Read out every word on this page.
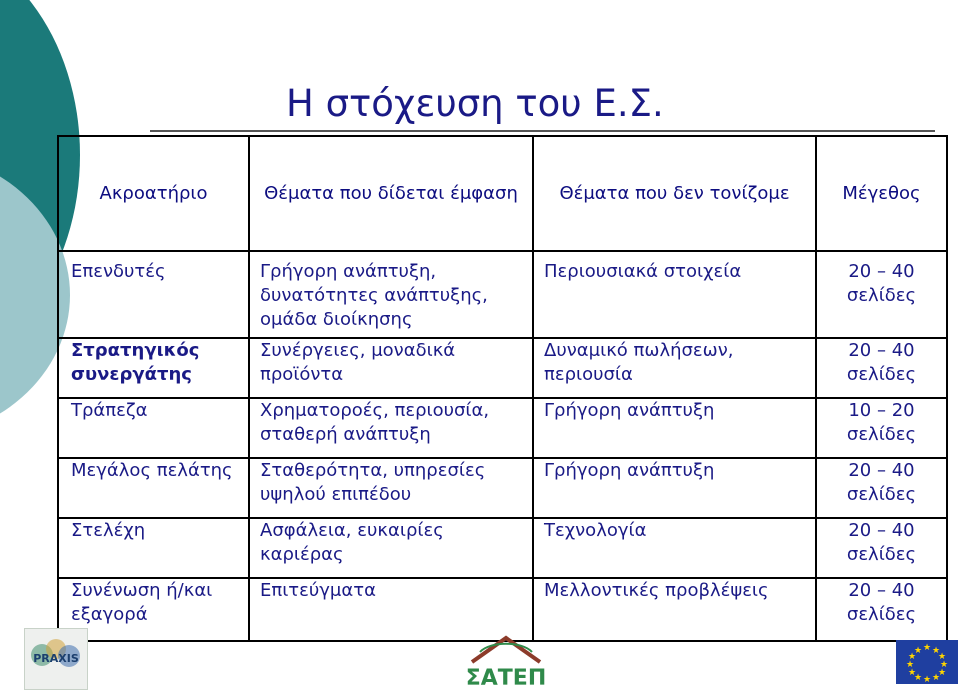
Η στόχευση του Ε.Σ.
Ακροατήριο	Θέματα που δίδεται έμφαση	Θέματα που δεν τονίζομε	Μέγεθος
Επενδυτές	Γρήγορη ανάπτυξη, δυνατότητες ανάπτυξης, ομάδα διοίκησης	Περιουσιακά στοιχεία	20 – 40 σελίδες
Στρατηγικός συνεργάτης	Συνέργειες, μοναδικά προϊόντα	Δυναμικό πωλήσεων, περιουσία	20 – 40 σελίδες
Τράπεζα	Χρηματοροές, περιουσία, σταθερή ανάπτυξη	Γρήγορη ανάπτυξη	10 – 20 σελίδες
Μεγάλος πελάτης	Σταθερότητα, υπηρεσίες υψηλού επιπέδου	Γρήγορη ανάπτυξη	20 – 40 σελίδες
Στελέχη	Ασφάλεια, ευκαιρίες καριέρας	Τεχνολογία	20 – 40 σελίδες
Συνένωση ή/και εξαγορά	Επιτεύγματα	Μελλοντικές προβλέψεις	20 – 40 σελίδες
PRAXIS
ΣΑΤΕΠ
★ ★
★
★
★
★
★
★
★
★
★
★
